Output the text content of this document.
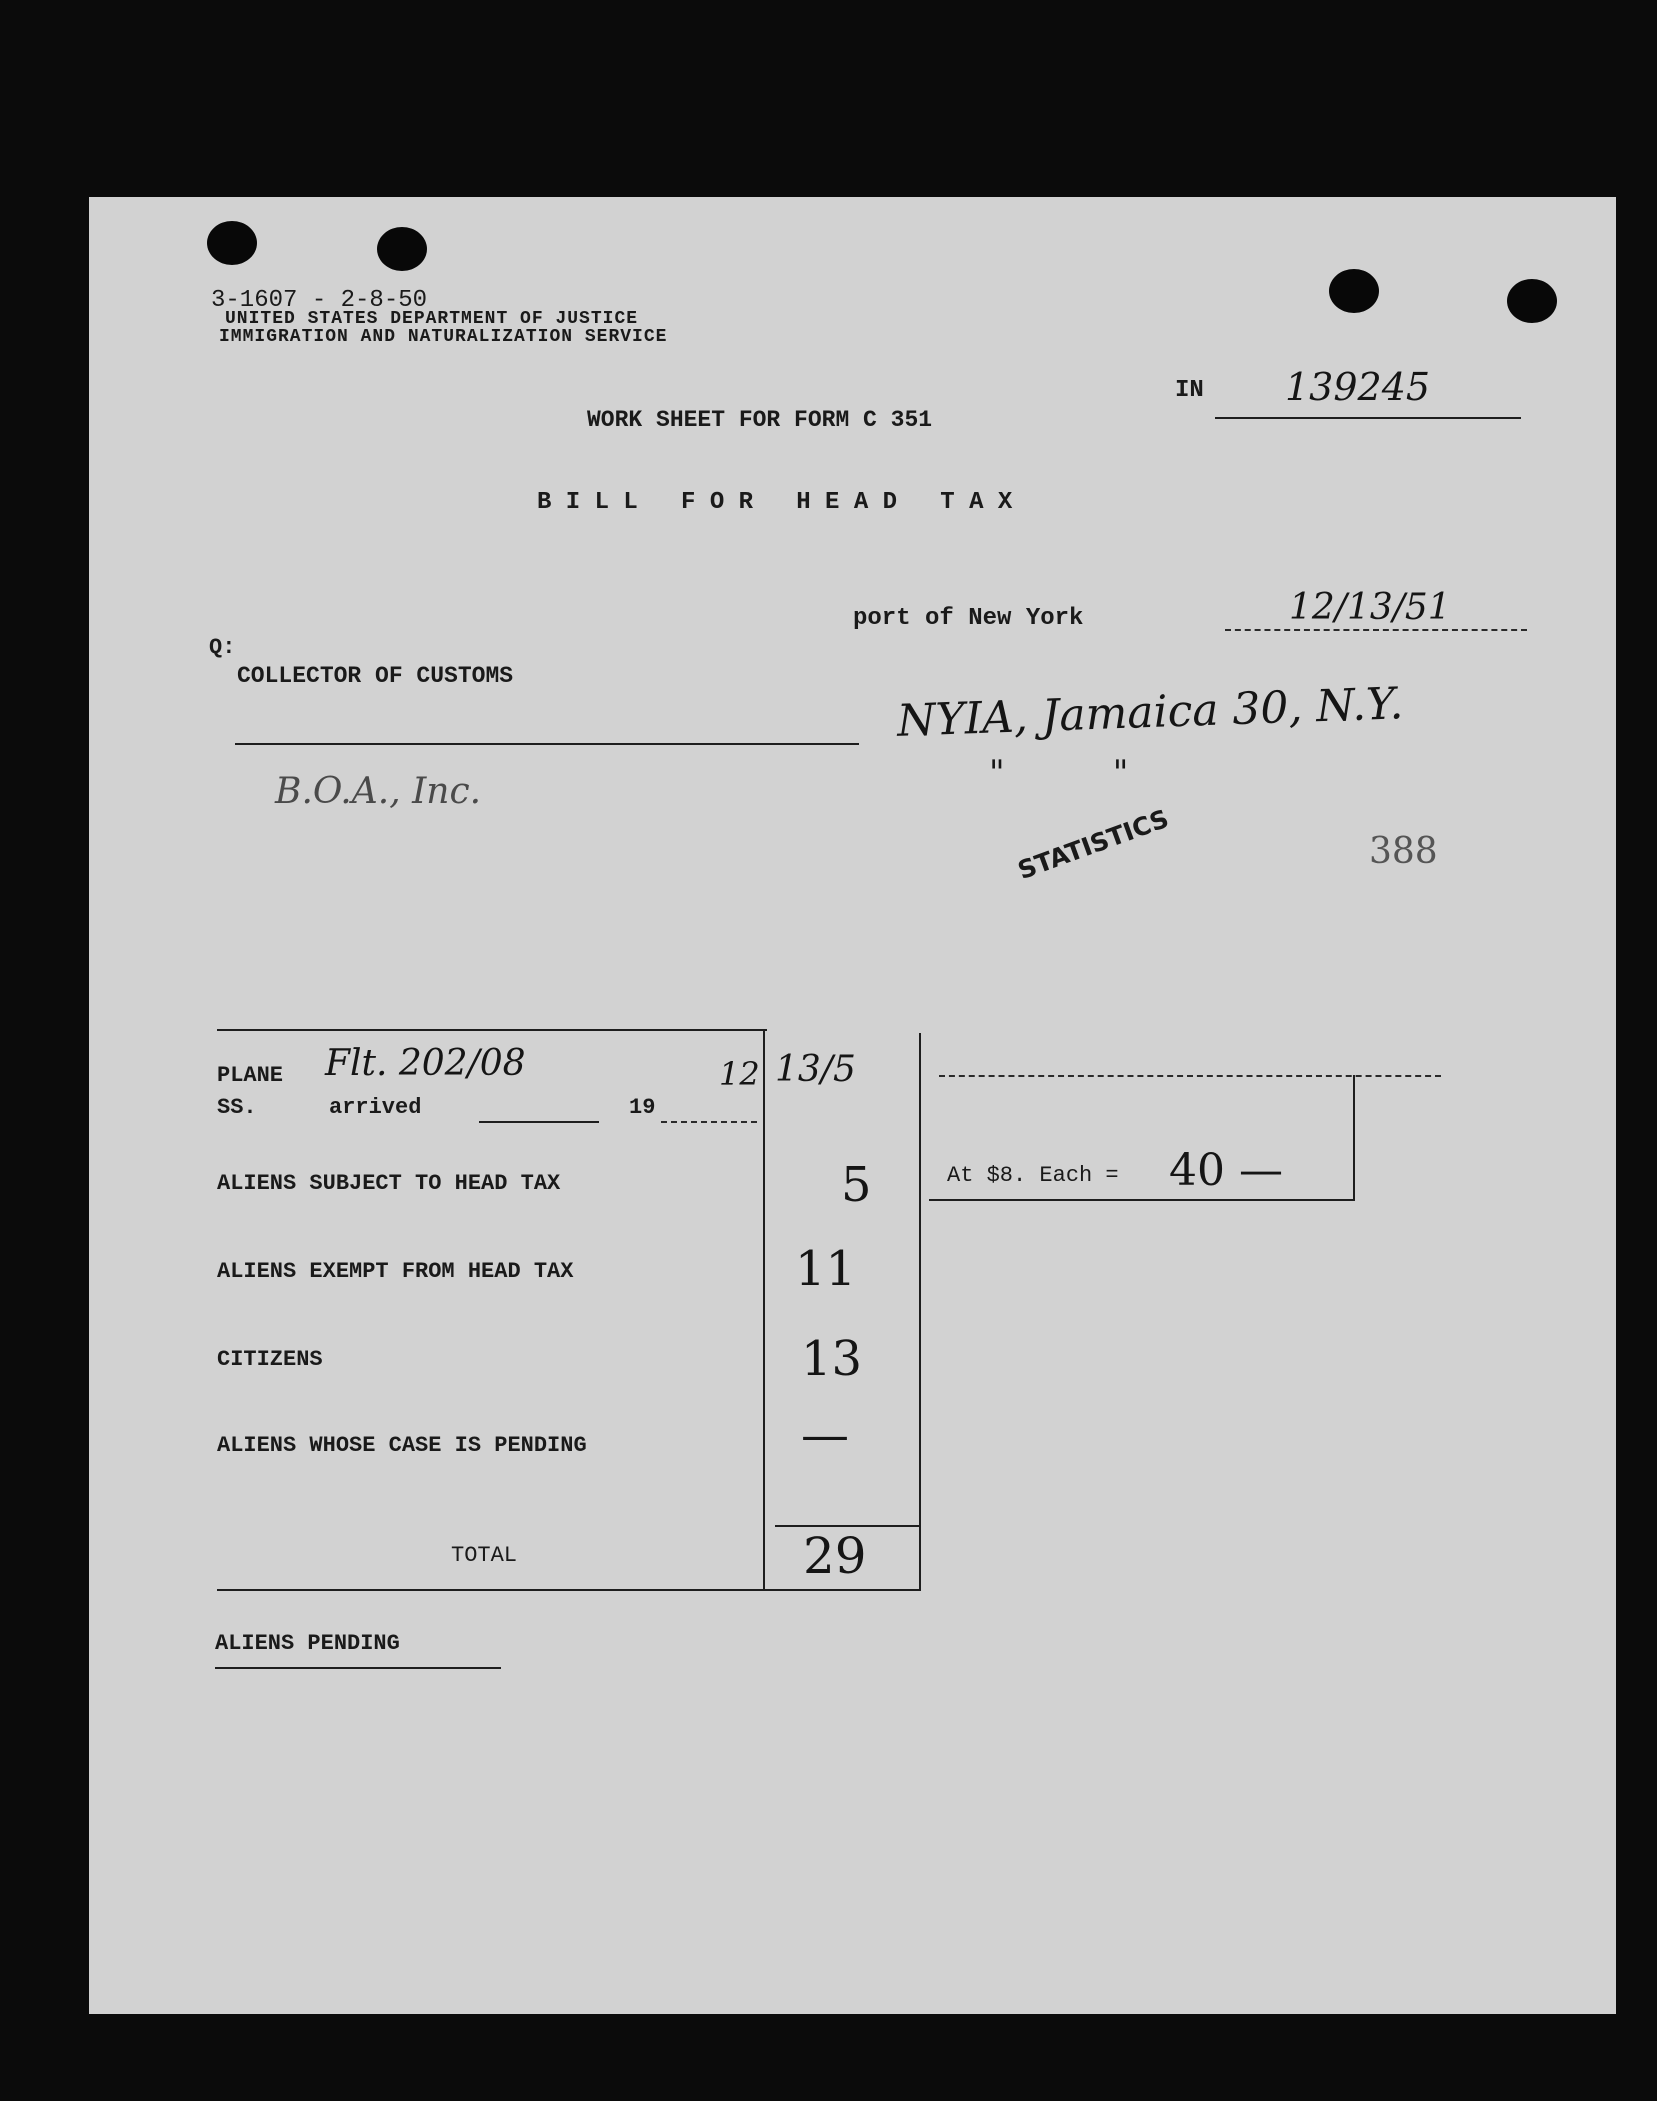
3-1607 - 2-8-50
UNITED STATES DEPARTMENT OF JUSTICE
IMMIGRATION AND NATURALIZATION SERVICE
IN 139245
WORK SHEET FOR FORM C 351
B I L L   F O R   H E A D   T A X
port of New York	12/13/51
Q:
COLLECTOR OF CUSTOMS
NYIA, Jamaica 30, N.Y.
"          "
B.O.A., Inc.
STATISTICS	388
PLANE
SS.
Flt. 202/08
arrived	19
12 13/5
ALIENS SUBJECT TO HEAD TAX	5
ALIENS EXEMPT FROM HEAD TAX	11
CITIZENS	13
ALIENS WHOSE CASE IS PENDING	—
TOTAL	29
At $8. Each = 40 —
ALIENS PENDING
